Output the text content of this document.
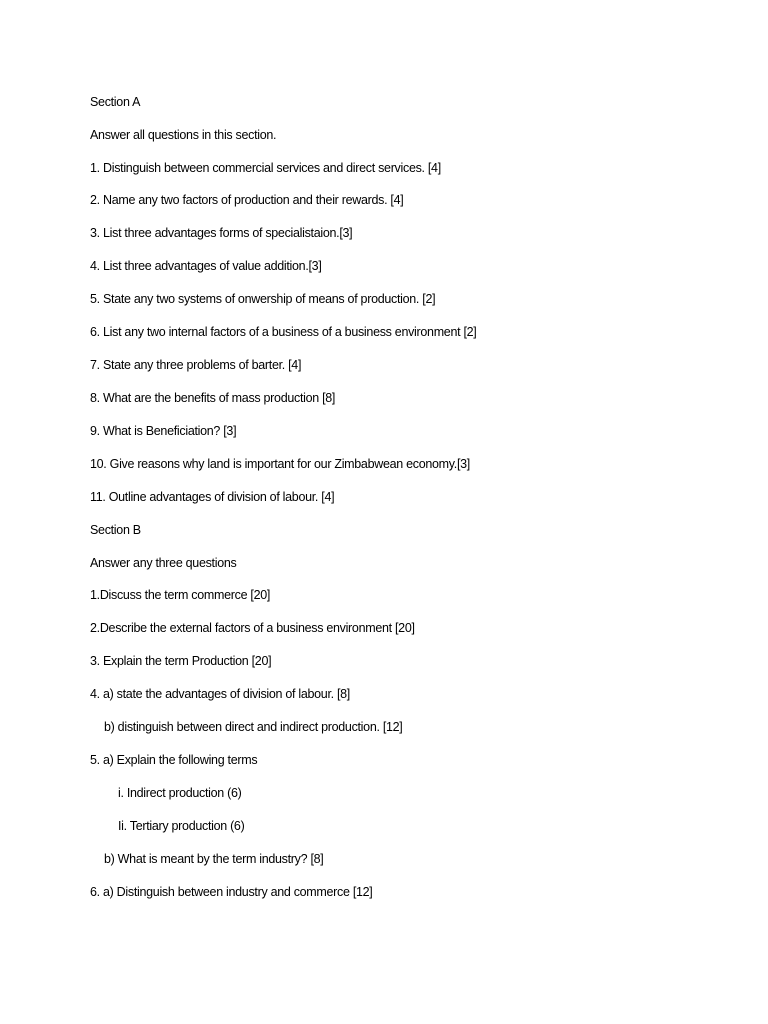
Section A
Answer all questions in this section.
1. Distinguish between commercial services and direct services. [4]
2. Name any two factors of production and their rewards. [4]
3. List three advantages forms of specialistaion.[3]
4. List three advantages of value addition.[3]
5. State any two systems of onwership of means of production. [2]
6. List any two internal factors of a business of a business environment [2]
7. State any three problems of barter. [4]
8. What are the benefits of mass production [8]
9. What is Beneficiation? [3]
10. Give reasons why land is important for our Zimbabwean economy.[3]
11. Outline advantages of division of labour. [4]
Section B
Answer any three questions
1.Discuss the term commerce [20]
2.Describe the external factors of a business environment [20]
3. Explain the term Production [20]
4. a) state the advantages of division of labour. [8]
b) distinguish between direct and indirect production. [12]
5. a) Explain the following terms
i. Indirect production (6)
Ii. Tertiary production (6)
b) What is meant by the term industry? [8]
6. a) Distinguish between industry and commerce [12]
